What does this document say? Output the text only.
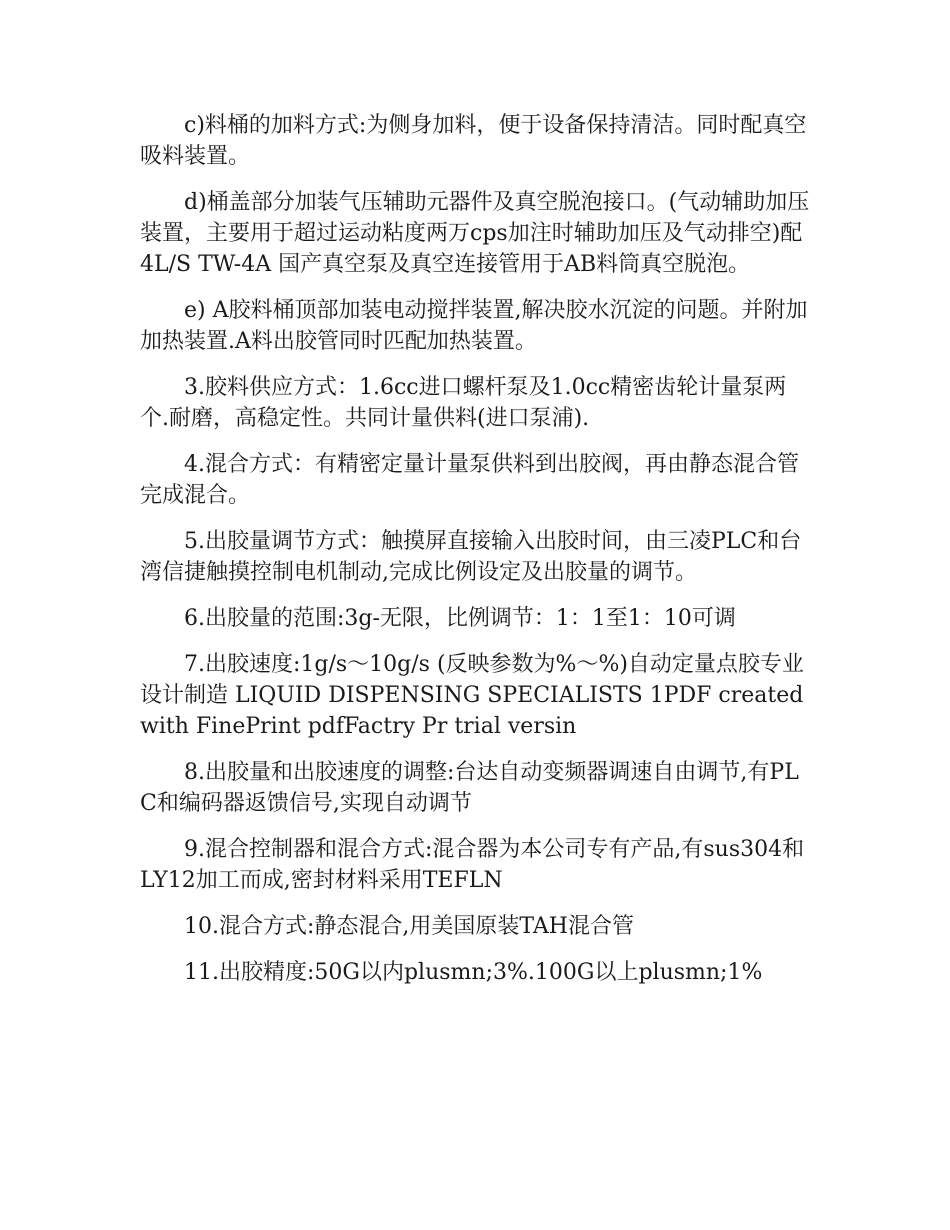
c)料桶的加料方式:为侧身加料，便于设备保持清洁。同时配真空吸料装置。

d)桶盖部分加装气压辅助元器件及真空脱泡接口。(气动辅助加压装置，主要用于超过运动粘度两万cps加注时辅助加压及气动排空)配4L/S TW-4A 国产真空泵及真空连接管用于AB料筒真空脱泡。

e) A胶料桶顶部加装电动搅拌装置,解决胶水沉淀的问题。并附加加热装置.A料出胶管同时匹配加热装置。

3.胶料供应方式：1.6cc进口螺杆泵及1.0cc精密齿轮计量泵两个.耐磨，高稳定性。共同计量供料(进口泵浦).

4.混合方式：有精密定量计量泵供料到出胶阀，再由静态混合管完成混合。

5.出胶量调节方式：触摸屏直接输入出胶时间，由三凌PLC和台湾信捷触摸控制电机制动,完成比例设定及出胶量的调节。

6.出胶量的范围:3g-无限，比例调节：1：1至1：10可调

7.出胶速度:1g/s～10g/s (反映参数为%～%)自动定量点胶专业设计制造 LIQUID DISPENSING SPECIALISTS 1PDF created with FinePrint pdfFactry Pr trial versin

8.出胶量和出胶速度的调整:台达自动变频器调速自由调节,有PLC和编码器返馈信号,实现自动调节

9.混合控制器和混合方式:混合器为本公司专有产品,有sus304和LY12加工而成,密封材料采用TEFLN

10.混合方式:静态混合,用美国原装TAH混合管

11.出胶精度:50G以内plusmn;3%.100G以上plusmn;1%
